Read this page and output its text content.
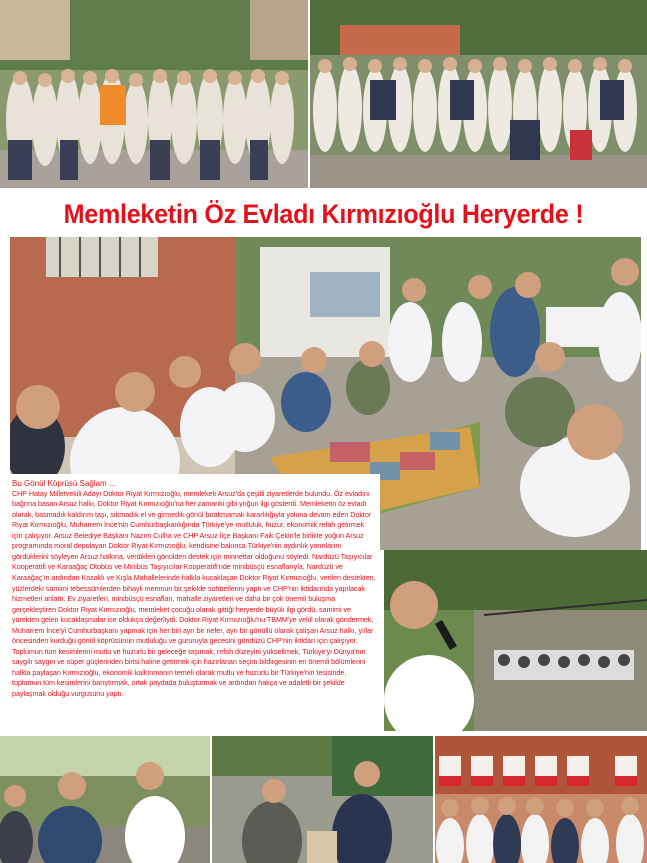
Memleketin Öz Evladı Kırmızıoğlu Heryerde !
Bu Gönül Köprüsü Sağlam ...
CHP Hatay Milletvekili Adayı Doktor Riyat Kırmızıoğlu, memleketi Arsuz'da çeşitli ziyaretlerde bulundu. Öz evladını bağrına basan Arsuz halkı, Doktor Riyat Kırmızıoğlu'na her zamanki gibi yoğun ilgi gösterdi. Memleketin öz evladı olarak, basmadık kaldırım taşı, sıkmadık el ve girmedik gönül bırakmamak kararlılığıyla yoluna devam eden Doktor Riyat Kırmızıoğlu, Muharrem İnce'nin Cumhurbaşkanlığında Türkiye'ye mutluluk, huzur, ekonomik refah getirmek için çalışıyor. Arsuz Belediye Başkanı Nazım Culha ve CHP Arsuz İlçe Başkanı Faik Çekin'le birlikte yoğun Arsuz programında moral depolayan Doktor Riyat Kırmızıoğlu, kendisine bakınca Türkiye'nin aydınlık yarınlarını gördüklerini söyleyen Arsuz halkına, verdikleri gönülden destek için minnettar olduğunu söyledi. Nardüzü Taşıyıcılar Kooperatifi ve Karaağaç Otobüs ve Minibüs Taşıyıcılar Kooperatifi'nde minibüsçü esnaflarıyla, Nardüzü ve Karaağaç'ın ardından Kozaklı ve Kışla Mahallelerinde halkla kucaklaşan Doktor Riyat Kırmızıoğlu, verilen destekten, yüzlerdeki samimi tebessümlerden bihayli memnun bir şekilde sohbetlerini yaptı ve CHP'nin iktidarında yapılacak hizmetleri anlattı. Ev ziyaretleri, minibüsçü esnafları, mahalle ziyaretleri ve daha bir çok önemli buluşma gerçekleştiren Doktor Riyat Kırmızıoğlu, memleket çocuğu olarak gittiği heryerde büyük ilgi gördü, samimi ve yürekten gelen kucaklaşmalar ise oldukça değerliydi. Doktor Riyat Kırmızıoğlu'nu TBMM'ye vekil olarak göndermek, Muharrem İnce'yi Cumhurbaşkanı yapmak için her biri ayrı bir nefer, ayrı bir gönüllü olarak çalışan Arsuz halkı, yıllar öncesinden kurduğu gönül köprüsünün mutluluğu ve gururuyla gecesini gündüzü CHP'nin iktidarı için çalışıyor. Toplumun tüm kesimlerini mutlu ve huzurlu bir geleceğe taşımak, refah düzeyini yükseltmek, Türkiye'yi Dünya'nın saygılı saygın ve süper güçlerinden birisi haline getirmek için hazırlanan seçim bildirgesinin en önemli bölümlerini halkla paylaşan Kırmızıoğlu, ekonomik kalkınmanın temeli olarak mutlu ve huzurlu bir Türkiye'nin tesisinde, toplumun tüm kesimlerini barıştırmak, ortak paydada buluşturmak ve ardından hakça ve adaletli bir şekilde paylaşmak olduğu vurgusunu yaptı.
